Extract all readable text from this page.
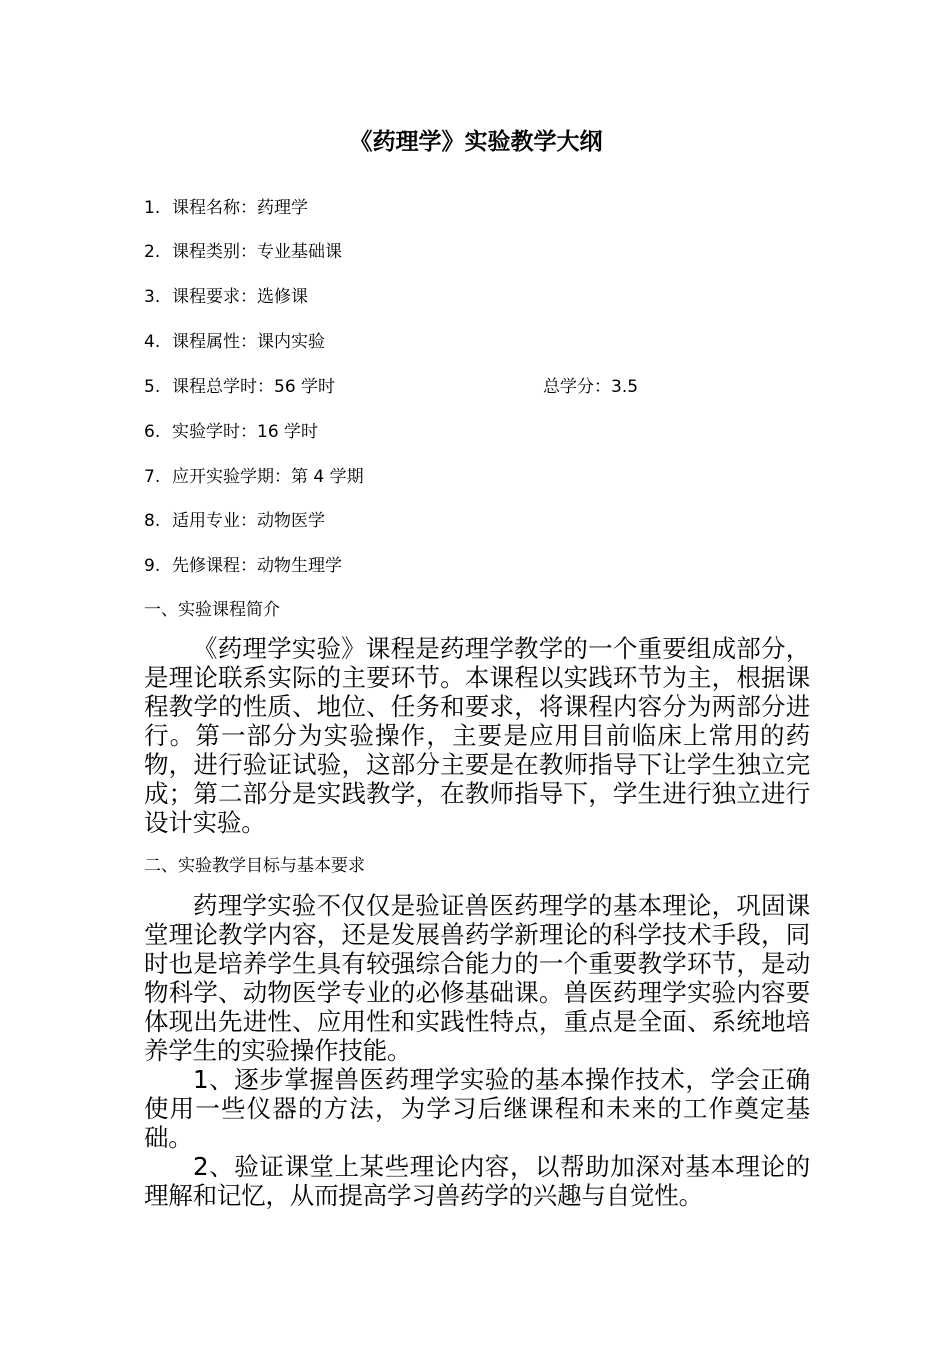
《药理学》实验教学大纲
1. 课程名称：药理学
2. 课程类别：专业基础课
3. 课程要求：选修课
4. 课程属性：课内实验
5. 课程总学时：56 学时	总学分：3.5
6. 实验学时：16 学时
7. 应开实验学期：第 4 学期
8. 适用专业：动物医学
9. 先修课程：动物生理学
一、实验课程简介

《药理学实验》课程是药理学教学的一个重要组成部分，是理论联系实际的主要环节。本课程以实践环节为主，根据课程教学的性质、地位、任务和要求，将课程内容分为两部分进行。第一部分为实验操作，主要是应用目前临床上常用的药物，进行验证试验，这部分主要是在教师指导下让学生独立完成；第二部分是实践教学，在教师指导下，学生进行独立进行设计实验。

二、实验教学目标与基本要求

药理学实验不仅仅是验证兽医药理学的基本理论，巩固课堂理论教学内容，还是发展兽药学新理论的科学技术手段，同时也是培养学生具有较强综合能力的一个重要教学环节，是动物科学、动物医学专业的必修基础课。兽医药理学实验内容要体现出先进性、应用性和实践性特点，重点是全面、系统地培养学生的实验操作技能。

1、逐步掌握兽医药理学实验的基本操作技术，学会正确使用一些仪器的方法，为学习后继课程和未来的工作奠定基础。

2、验证课堂上某些理论内容，以帮助加深对基本理论的理解和记忆，从而提高学习兽药学的兴趣与自觉性。
